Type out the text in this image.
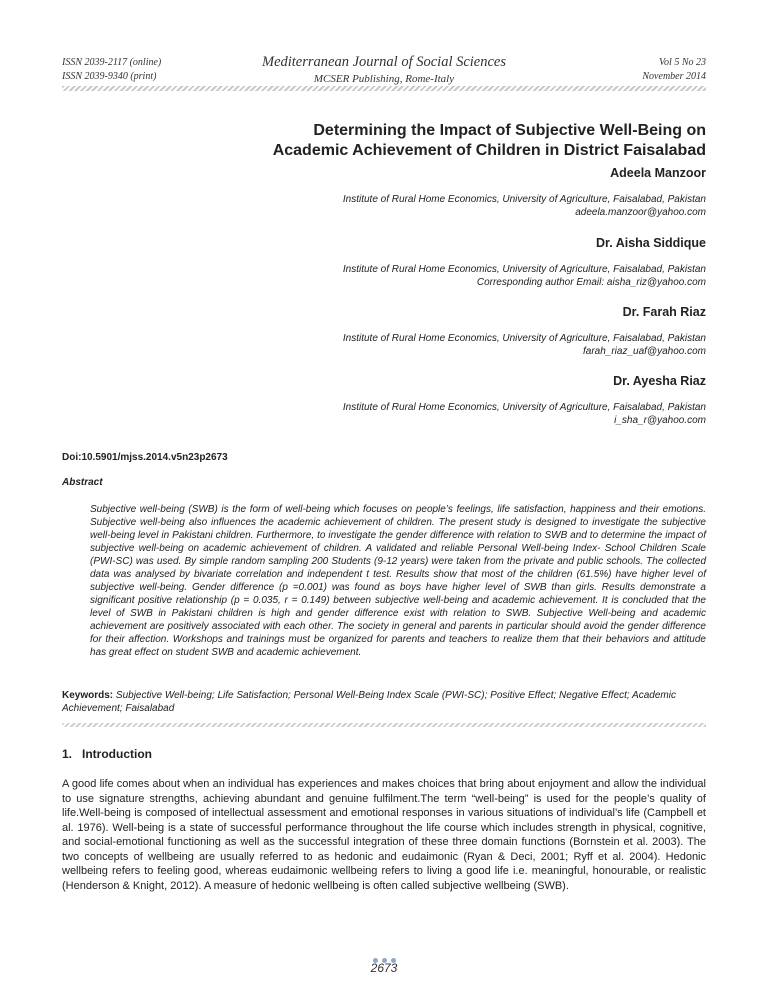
ISSN 2039-2117 (online)
ISSN 2039-9340 (print)
Mediterranean Journal of Social Sciences
MCSER Publishing, Rome-Italy
Vol 5 No 23
November 2014
Determining the Impact of Subjective Well-Being on
Academic Achievement of Children in District Faisalabad
Adeela Manzoor
Institute of Rural Home Economics, University of Agriculture, Faisalabad, Pakistan
adeela.manzoor@yahoo.com
Dr. Aisha Siddique
Institute of Rural Home Economics, University of Agriculture, Faisalabad, Pakistan
Corresponding author Email: aisha_riz@yahoo.com
Dr. Farah Riaz
Institute of Rural Home Economics, University of Agriculture, Faisalabad, Pakistan
farah_riaz_uaf@yahoo.com
Dr. Ayesha Riaz
Institute of Rural Home Economics, University of Agriculture, Faisalabad, Pakistan
i_sha_r@yahoo.com
Doi:10.5901/mjss.2014.v5n23p2673
Abstract
Subjective well-being (SWB) is the form of well-being which focuses on people’s feelings, life satisfaction, happiness and their emotions. Subjective well-being also influences the academic achievement of children. The present study is designed to investigate the subjective well-being level in Pakistani children. Furthermore, to investigate the gender difference with relation to SWB and to determine the impact of subjective well-being on academic achievement of children. A validated and reliable Personal Well-being Index- School Children Scale (PWI-SC) was used. By simple random sampling 200 Students (9-12 years) were taken from the private and public schools. The collected data was analysed by bivariate correlation and independent t test. Results show that most of the children (61.5%) have higher level of subjective well-being. Gender difference (p =0.001) was found as boys have higher level of SWB than girls. Results demonstrate a significant positive relationship (p = 0.035, r = 0.149) between subjective well-being and academic achievement. It is concluded that the level of SWB in Pakistani children is high and gender difference exist with relation to SWB. Subjective Well-being and academic achievement are positively associated with each other. The society in general and parents in particular should avoid the gender difference for their affection. Workshops and trainings must be organized for parents and teachers to realize them that their behaviors and attitude has great effect on student SWB and academic achievement.
Keywords: Subjective Well-being; Life Satisfaction; Personal Well-Being Index Scale (PWI-SC); Positive Effect; Negative Effect; Academic Achievement; Faisalabad
1. Introduction
A good life comes about when an individual has experiences and makes choices that bring about enjoyment and allow the individual to use signature strengths, achieving abundant and genuine fulfilment.The term “well-being” is used for the people’s quality of life.Well-being is composed of intellectual assessment and emotional responses in various situations of individual’s life (Campbell et al. 1976). Well-being is a state of successful performance throughout the life course which includes strength in physical, cognitive, and social-emotional functioning as well as the successful integration of these three domain functions (Bornstein et al. 2003). The two concepts of wellbeing are usually referred to as hedonic and eudaimonic (Ryan & Deci, 2001; Ryff et al. 2004). Hedonic wellbeing refers to feeling good, whereas eudaimonic wellbeing refers to living a good life i.e. meaningful, honourable, or realistic (Henderson & Knight, 2012). A measure of hedonic wellbeing is often called subjective wellbeing (SWB).
2673
